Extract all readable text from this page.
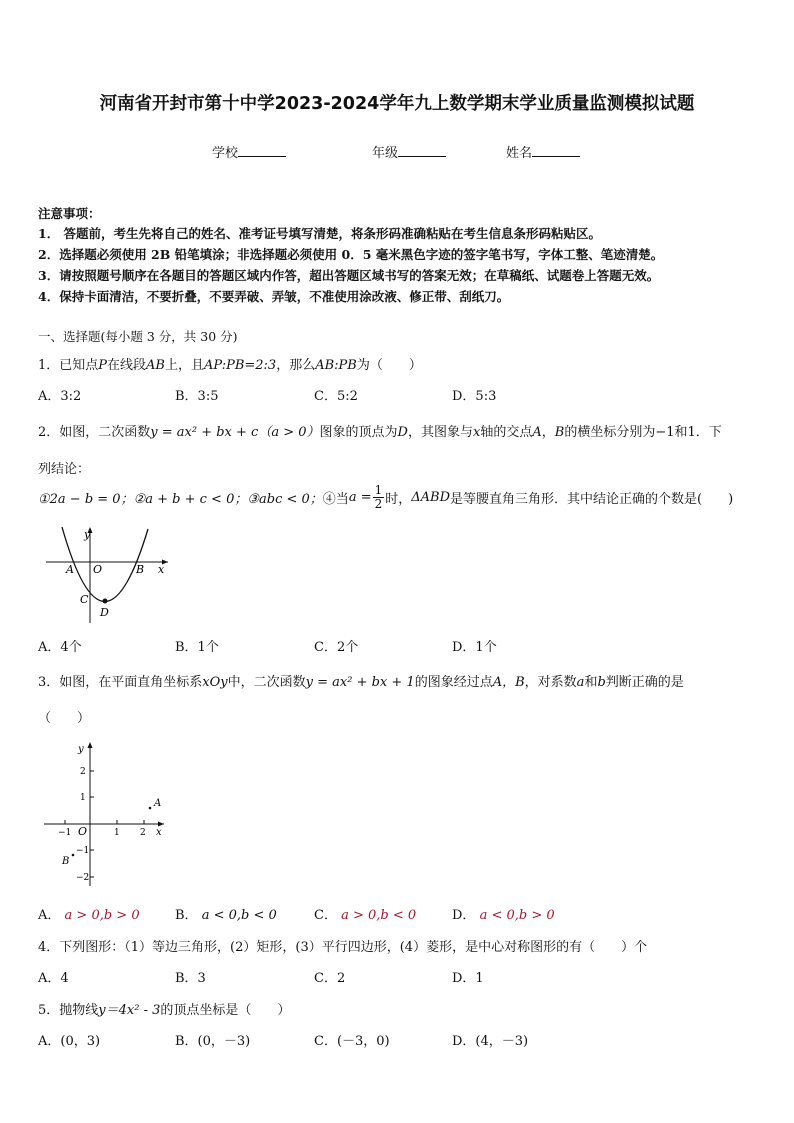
河南省开封市第十中学2023-2024学年九上数学期末学业质量监测模拟试题
学校	年级	姓名
注意事项：
1． 答题前，考生先将自己的姓名、准考证号填写清楚，将条形码准确粘贴在考生信息条形码粘贴区。
2．选择题必须使用 2B 铅笔填涂；非选择题必须使用 0．5 毫米黑色字迹的签字笔书写，字体工整、笔迹清楚。
3．请按照题号顺序在各题目的答题区域内作答，超出答题区域书写的答案无效；在草稿纸、试题卷上答题无效。
4．保持卡面清洁，不要折叠，不要弄破、弄皱，不准使用涂改液、修正带、刮纸刀。
一、选择题(每小题 3 分，共 30 分)
1．已知点P在线段AB上，且AP:PB=2:3，那么AB:PB为（　　）
A．3:2	B．3:5	C．5:2	D．5:3
2．如图，二次函数y = ax² + bx + c（a > 0）图象的顶点为D，其图象与x轴的交点A，B的横坐标分别为−1和1．下
列结论：
①2a − b = 0； ②a + b + c < 0； ③abc < 0； ④当 $a = \frac{1}{2}$ 时， ΔABD 是等腰直角三角形．其中结论正确的个数是(　　)
y
x
A O	B
C
D
A．4个	B．1个	C．2个	D．1个
3．如图，在平面直角坐标系xOy中，二次函数y = ax² + bx + 1的图象经过点A，B，对系数a和b判断正确的是
（　　）
y
x
O
−1	1 2
2
1
−1
−2
A
B
A． a > 0,b > 0	B． a < 0,b < 0	C． a > 0,b < 0	D． a < 0,b > 0
4．下列图形：（1）等边三角形，(2）矩形，(3）平行四边形，(4）菱形，是中心对称图形的有（　　）个
A．4	B．3	C．2	D．1
5．抛物线y＝4x² - 3的顶点坐标是（　　）
A．(0，3)	B．(0，－3)	C．(－3，0)	D．(4，－3)
